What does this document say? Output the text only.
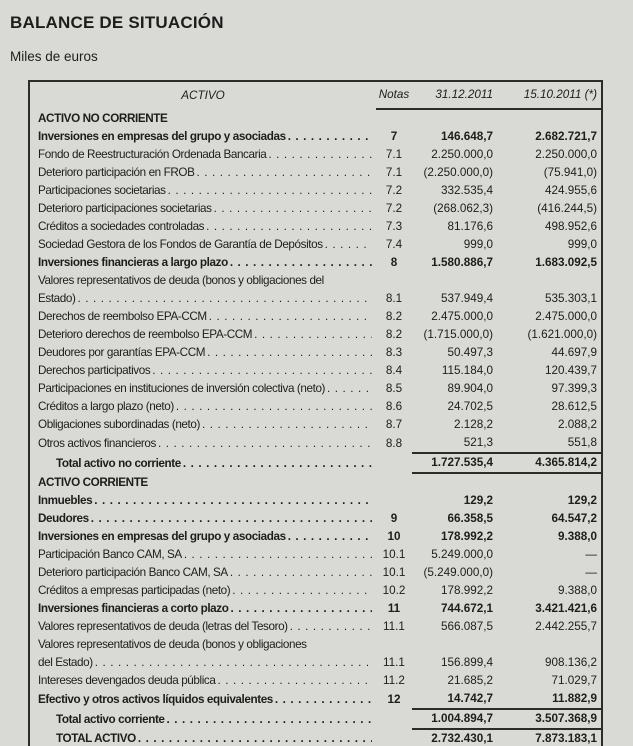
BALANCE DE SITUACIÓN
Miles de euros
ACTIVO	Notas	31.12.2011	15.10.2011 (*)
ACTIVO NO CORRIENTE			

Inversiones en empresas del grupo y asociadas
.....	7	146.648,7	2.682.721,7

Fondo de Reestructuración Ordenada Bancaria
.....	7.1	2.250.000,0	2.250.000,0

Deterioro participación en FROB
.....	7.1	(2.250.000,0)	(75.941,0)

Participaciones societarias
.....	7.2	332.535,4	424.955,6

Deterioro participaciones societarias
.....	7.2	(268.062,3)	(416.244,5)

Créditos a sociedades controladas
.....	7.3	81.176,6	498.952,6

Sociedad Gestora de los Fondos de Garantía de Depósitos
.....	7.4	999,0	999,0

Inversiones financieras a largo plazo
.....	8	1.580.886,7	1.683.092,5

Valores representativos de deuda (bonos y obligaciones del
Estado)
.....	8.1	537.949,4	535.303,1

Derechos de reembolso EPA-CCM
.....	8.2	2.475.000,0	2.475.000,0

Deterioro derechos de reembolso EPA-CCM
.....	8.2	(1.715.000,0)	(1.621.000,0)

Deudores por garantías EPA-CCM
.....	8.3	50.497,3	44.697,9

Derechos participativos
.....	8.4	115.184,0	120.439,7

Participaciones en instituciones de inversión colectiva (neto)
.....	8.5	89.904,0	97.399,3

Créditos a largo plazo (neto)
.....	8.6	24.702,5	28.612,5

Obligaciones subordinadas (neto)
.....	8.7	2.128,2	2.088,2

Otros activos financieros
.....	8.8	521,3	551,8

Total activo no corriente
.....		1.727.535,4	4.365.814,2
ACTIVO CORRIENTE			

Inmuebles
.....		129,2	129,2

Deudores
.....	9	66.358,5	64.547,2

Inversiones en empresas del grupo y asociadas
.....	10	178.992,2	9.388,0

Participación Banco CAM, SA
.....	10.1	5.249.000,0	—

Deterioro participación Banco CAM, SA
.....	10.1	(5.249.000,0)	—

Créditos a empresas participadas (neto)
.....	10.2	178.992,2	9.388,0

Inversiones financieras a corto plazo
.....	11	744.672,1	3.421.421,6

Valores representativos de deuda (letras del Tesoro)
.....	11.1	566.087,5	2.442.255,7

Valores representativos de deuda (bonos y obligaciones
del Estado)
.....	11.1	156.899,4	908.136,2

Intereses devengados deuda pública
.....	11.2	21.685,2	71.029,7

Efectivo y otros activos líquidos equivalentes
.....	12	14.742,7	11.882,9

Total activo corriente
.....		1.004.894,7	3.507.368,9

TOTAL ACTIVO
.....		2.732.430,1	7.873.183,1
